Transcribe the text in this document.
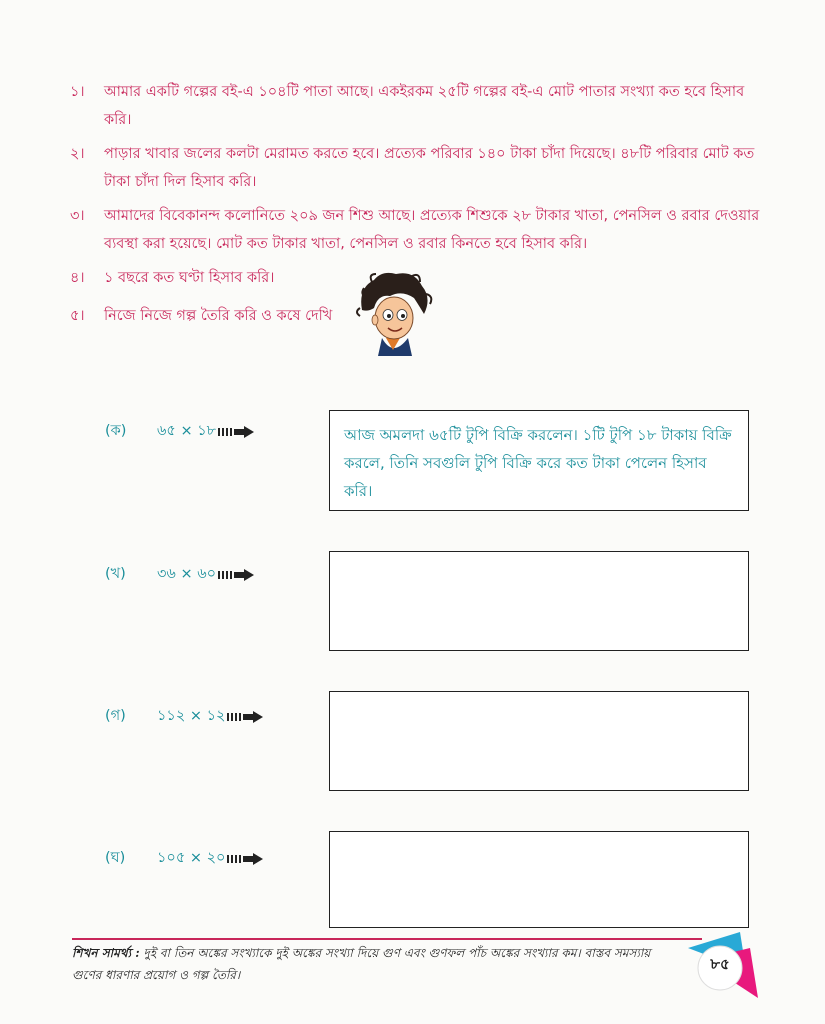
১।	আমার একটি গল্পের বই-এ ১০৪টি পাতা আছে। একইরকম ২৫টি গল্পের বই-এ মোট পাতার সংখ্যা কত হবে হিসাব করি।
২।	পাড়ার খাবার জলের কলটা মেরামত করতে হবে। প্রত্যেক পরিবার ১৪০ টাকা চাঁদা দিয়েছে। ৪৮টি পরিবার মোট কত টাকা চাঁদা দিল হিসাব করি।
৩।	আমাদের বিবেকানন্দ কলোনিতে ২০৯ জন শিশু আছে। প্রত্যেক শিশুকে ২৮ টাকার খাতা, পেনসিল ও রবার দেওয়ার ব্যবস্থা করা হয়েছে। মোট কত টাকার খাতা, পেনসিল ও রবার কিনতে হবে হিসাব করি।
৪।	১ বছরে কত ঘণ্টা হিসাব করি।
৫।	নিজে নিজে গল্প তৈরি করি ও কষে দেখি
(ক)	৬৫ × ১৮	আজ অমলদা ৬৫টি টুপি বিক্রি করলেন। ১টি টুপি ১৮ টাকায় বিক্রি করলে, তিনি সবগুলি টুপি বিক্রি করে কত টাকা পেলেন হিসাব করি।
(খ)	৩৬ × ৬০
(গ)	১১২ × ১২
(ঘ)	১০৫ × ২০
শিখন সামর্থ্য : দুই বা তিন অঙ্কের সংখ্যাকে দুই অঙ্কের সংখ্যা দিয়ে গুণ এবং গুণফল পাঁচ অঙ্কের সংখ্যার কম। বাস্তব সমস্যায় গুণের ধারণার প্রয়োগ ও গল্প তৈরি।
৮৫
